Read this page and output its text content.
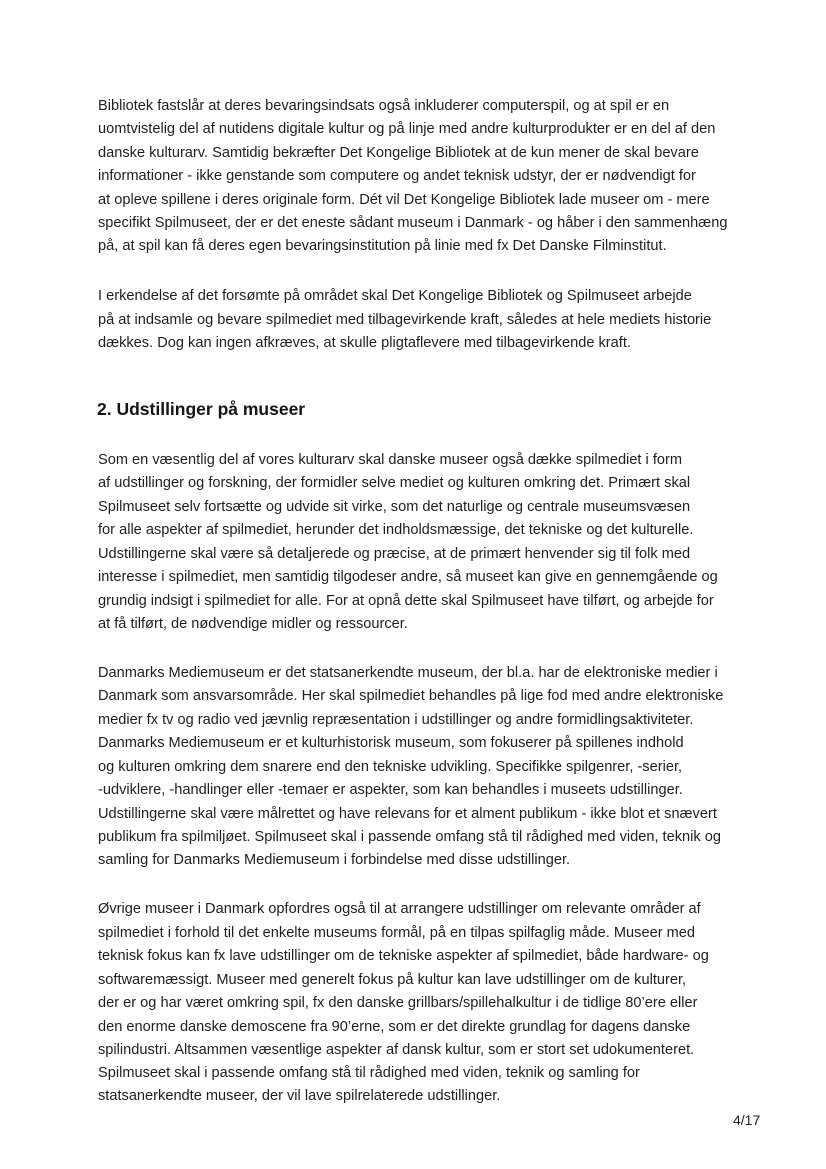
Bibliotek fastslår at deres bevaringsindsats også inkluderer computerspil, og at spil er en
uomtvistelig del af nutidens digitale kultur og på linje med andre kulturprodukter er en del af den
danske kulturarv. Samtidig bekræfter Det Kongelige Bibliotek at de kun mener de skal bevare
informationer - ikke genstande som computere og andet teknisk udstyr, der er nødvendigt for
at opleve spillene i deres originale form. Dét vil Det Kongelige Bibliotek lade museer om - mere
specifikt Spilmuseet, der er det eneste sådant museum i Danmark - og håber i den sammenhæng
på, at spil kan få deres egen bevaringsinstitution på linie med fx Det Danske Filminstitut.
I erkendelse af det forsømte på området skal Det Kongelige Bibliotek og Spilmuseet arbejde
på at indsamle og bevare spilmediet med tilbagevirkende kraft, således at hele mediets historie
dækkes. Dog kan ingen afkræves, at skulle pligtaflevere med tilbagevirkende kraft.
2. Udstillinger på museer
Som en væsentlig del af vores kulturarv skal danske museer også dække spilmediet i form
af udstillinger og forskning, der formidler selve mediet og kulturen omkring det. Primært skal
Spilmuseet selv fortsætte og udvide sit virke, som det naturlige og centrale museumsvæsen
for alle aspekter af spilmediet, herunder det indholdsmæssige, det tekniske og det kulturelle.
Udstillingerne skal være så detaljerede og præcise, at de primært henvender sig til folk med
interesse i spilmediet, men samtidig tilgodeser andre, så museet kan give en gennemgående og
grundig indsigt i spilmediet for alle. For at opnå dette skal Spilmuseet have tilført, og arbejde for
at få tilført, de nødvendige midler og ressourcer.
Danmarks Mediemuseum er det statsanerkendte museum, der bl.a. har de elektroniske medier i
Danmark som ansvarsområde. Her skal spilmediet behandles på lige fod med andre elektroniske
medier fx tv og radio ved jævnlig repræsentation i udstillinger og andre formidlingsaktiviteter.
Danmarks Mediemuseum er et kulturhistorisk museum, som fokuserer på spillenes indhold
og kulturen omkring dem snarere end den tekniske udvikling. Specifikke spilgenrer, -serier,
-udviklere, -handlinger eller -temaer er aspekter, som kan behandles i museets udstillinger.
Udstillingerne skal være målrettet og have relevans for et alment publikum - ikke blot et snævert
publikum fra spilmiljøet. Spilmuseet skal i passende omfang stå til rådighed med viden, teknik og
samling for Danmarks Mediemuseum i forbindelse med disse udstillinger.
Øvrige museer i Danmark opfordres også til at arrangere udstillinger om relevante områder af
spilmediet i forhold til det enkelte museums formål, på en tilpas spilfaglig måde. Museer med
teknisk fokus kan fx lave udstillinger om de tekniske aspekter af spilmediet, både hardware- og
softwaremæssigt. Museer med generelt fokus på kultur kan lave udstillinger om de kulturer,
der er og har været omkring spil, fx den danske grillbars/spillehalkultur i de tidlige 80’ere eller
den enorme danske demoscene fra 90’erne, som er det direkte grundlag for dagens danske
spilindustri. Altsammen væsentlige aspekter af dansk kultur, som er stort set udokumenteret.
Spilmuseet skal i passende omfang stå til rådighed med viden, teknik og samling for
statsanerkendte museer, der vil lave spilrelaterede udstillinger.
4/17
